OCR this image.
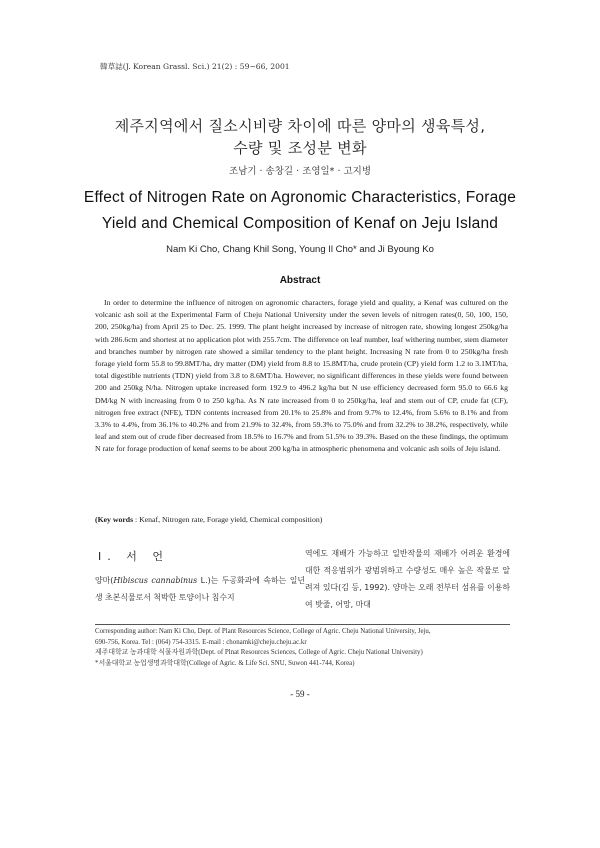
韓草誌(J. Korean Grassl. Sci.) 21(2) : 59~66, 2001
제주지역에서 질소시비량 차이에 따른 양마의 생육특성,
수량 및 조성분 변화
조남기 · 송창길 · 조영일* · 고지병
Effect of Nitrogen Rate on Agronomic Characteristics, Forage
Yield and Chemical Composition of Kenaf on Jeju Island
Nam Ki Cho, Chang Khil Song, Young Il Cho* and Ji Byoung Ko
Abstract

In order to determine the influence of nitrogen on agronomic characters, forage yield and quality, a Kenaf was cultured on the volcanic ash soil at the Experimental Farm of Cheju National University under the seven levels of nitrogen rates(0, 50, 100, 150, 200, 250kg/ha) from April 25 to Dec. 25. 1999. The plant height increased by increase of nitrogen rate, showing longest 250kg/ha with 286.6cm and shortest at no application plot with 255.7cm. The difference on leaf number, leaf withering number, stem diameter and branches number by nitrogen rate showed a similar tendency to the plant height. Increasing N rate from 0 to 250kg/ha fresh forage yield form 55.8 to 99.8MT/ha, dry matter (DM) yield from 8.8 to 15.8MT/ha, crude protein (CP) yield form 1.2 to 3.1MT/ha, total digestible nutrients (TDN) yield from 3.8 to 8.6MT/ha. However, no significant differences in these yields were found between 200 and 250kg N/ha. Nitrogen uptake increased form 192.9 to 496.2 kg/ha but N use efficiency decreased form 95.0 to 66.6 kg DM/kg N with increasing from 0 to 250 kg/ha. As N rate increased from 0 to 250kg/ha, leaf and stem out of CP, crude fat (CF), nitrogen free extract (NFE), TDN contents increased from 20.1% to 25.8% and from 9.7% to 12.4%, from 5.6% to 8.1% and from 3.3% to 4.4%, from 36.1% to 40.2% and from 21.9% to 32.4%, from 59.3% to 75.0% and from 32.2% to 38.2%, respectively, while leaf and stem out of crude fiber decreased from 18.5% to 16.7% and from 51.5% to 39.3%. Based on the these findings, the optimum N rate for forage production of kenaf seems to be about 200 kg/ha in atmospheric phenomena and volcanic ash soils of Jeju island.

(Key words : Kenaf, Nitrogen rate, Forage yield, Chemical composition)

I. 서 언

양마(Hibiscus cannabinus L.)는 두공화과에 속하는 일년생 초본식물로서 척박한 토양이나 침수지

역에도 재배가 가능하고 일반작물의 재배가 어려운 환경에 대한 적응범위가 광범위하고 수량성도 매우 높은 작물로 알려져 있다(김 등, 1992). 양마는 오래 전부터 섬유를 이용하여 밧줄, 어망, 마대

Corresponding author: Nam Ki Cho, Dept. of Plant Resources Science, College of Agric. Cheju National University, Jeju,

690-756, Korea. Tel : (064) 754-3315. E-mail : chonamki@cheju.cheju.ac.kr

제주대학교 농과대학 식물자원과학(Dept. of Plnat Resources Sciences, College of Agric. Cheju National University)

*서울대학교 농업생명과학대학(College of Agric. & Life Sci. SNU, Suwon 441-744, Korea)

- 59 -
